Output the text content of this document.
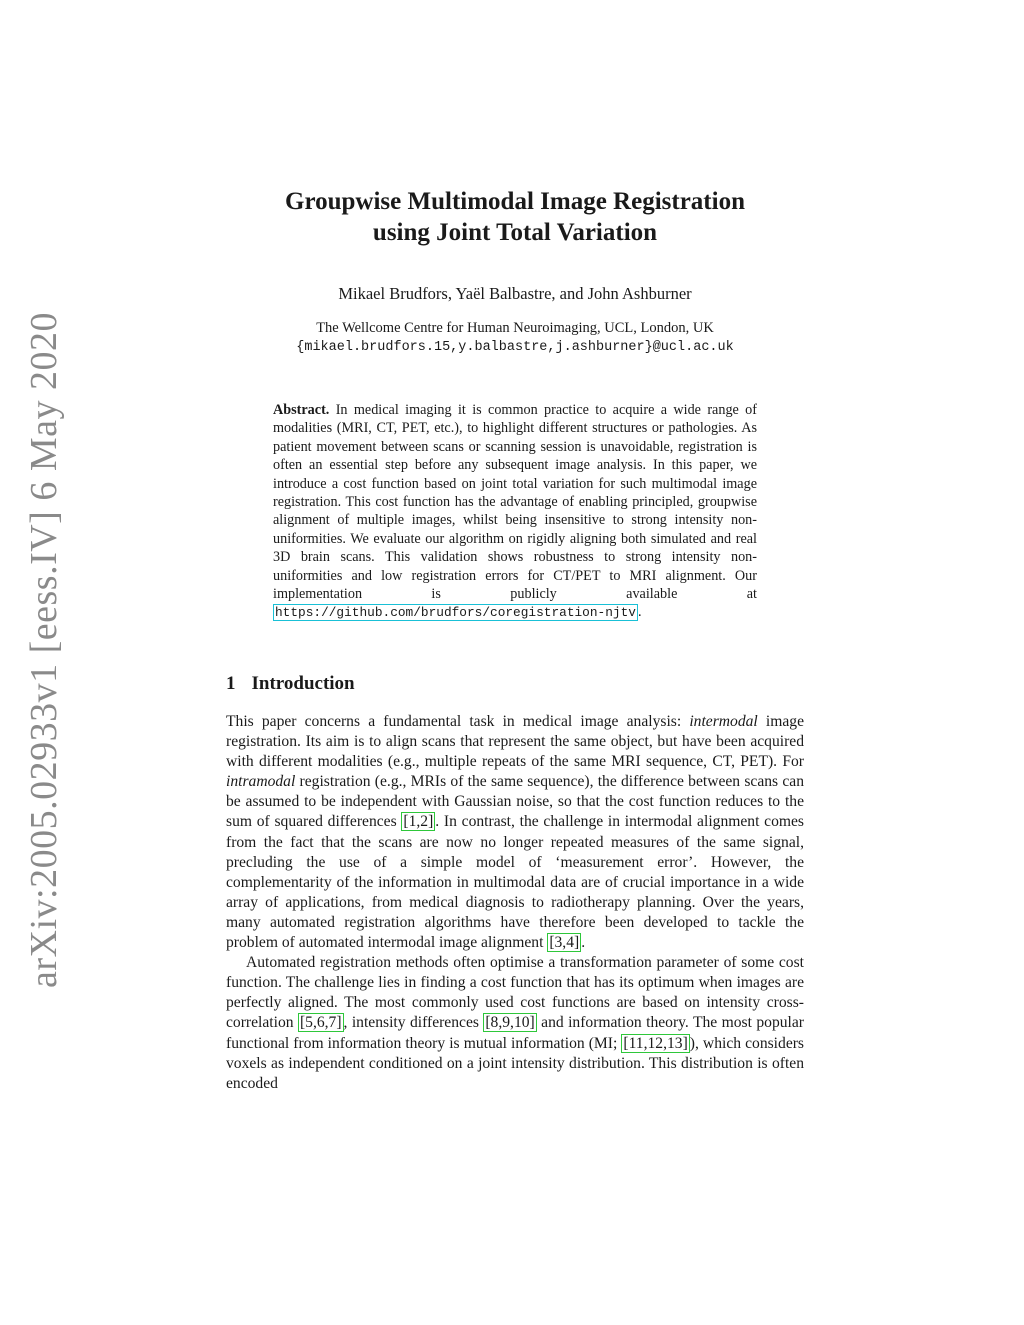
arXiv:2005.02933v1 [eess.IV] 6 May 2020
Groupwise Multimodal Image Registration
using Joint Total Variation
Mikael Brudfors, Yaël Balbastre, and John Ashburner
The Wellcome Centre for Human Neuroimaging, UCL, London, UK
{mikael.brudfors.15,y.balbastre,j.ashburner}@ucl.ac.uk

Abstract. In medical imaging it is common practice to acquire a wide range of modalities (MRI, CT, PET, etc.), to highlight different structures or pathologies. As patient movement between scans or scanning session is unavoidable, registration is often an essential step before any subsequent image analysis. In this paper, we introduce a cost function based on joint total variation for such multimodal image registration. This cost function has the advantage of enabling principled, groupwise alignment of multiple images, whilst being insensitive to strong intensity non-uniformities. We evaluate our algorithm on rigidly aligning both simulated and real 3D brain scans. This validation shows robustness to strong intensity non-uniformities and low registration errors for CT/PET to MRI alignment. Our implementation is publicly available at https://github.com/brudfors/coregistration-njtv .

1 Introduction

This paper concerns a fundamental task in medical image analysis: intermodal image registration. Its aim is to align scans that represent the same object, but have been acquired with different modalities (e.g., multiple repeats of the same MRI sequence, CT, PET). For intramodal registration (e.g., MRIs of the same sequence), the difference between scans can be assumed to be independent with Gaussian noise, so that the cost function reduces to the sum of squared differences [1,2] . In contrast, the challenge in intermodal alignment comes from the fact that the scans are now no longer repeated measures of the same signal, precluding the use of a simple model of ‘measurement error’. However, the complementarity of the information in multimodal data are of crucial importance in a wide array of applications, from medical diagnosis to radiotherapy planning. Over the years, many automated registration algorithms have therefore been developed to tackle the problem of automated intermodal image alignment [3,4] .

Automated registration methods often optimise a transformation parameter of some cost function. The challenge lies in finding a cost function that has its optimum when images are perfectly aligned. The most commonly used cost functions are based on intensity cross-correlation [5,6,7] , intensity differences [8,9,10] and information theory. The most popular functional from information theory is mutual information (MI; [11,12,13] ), which considers voxels as independent conditioned on a joint intensity distribution. This distribution is often encoded
